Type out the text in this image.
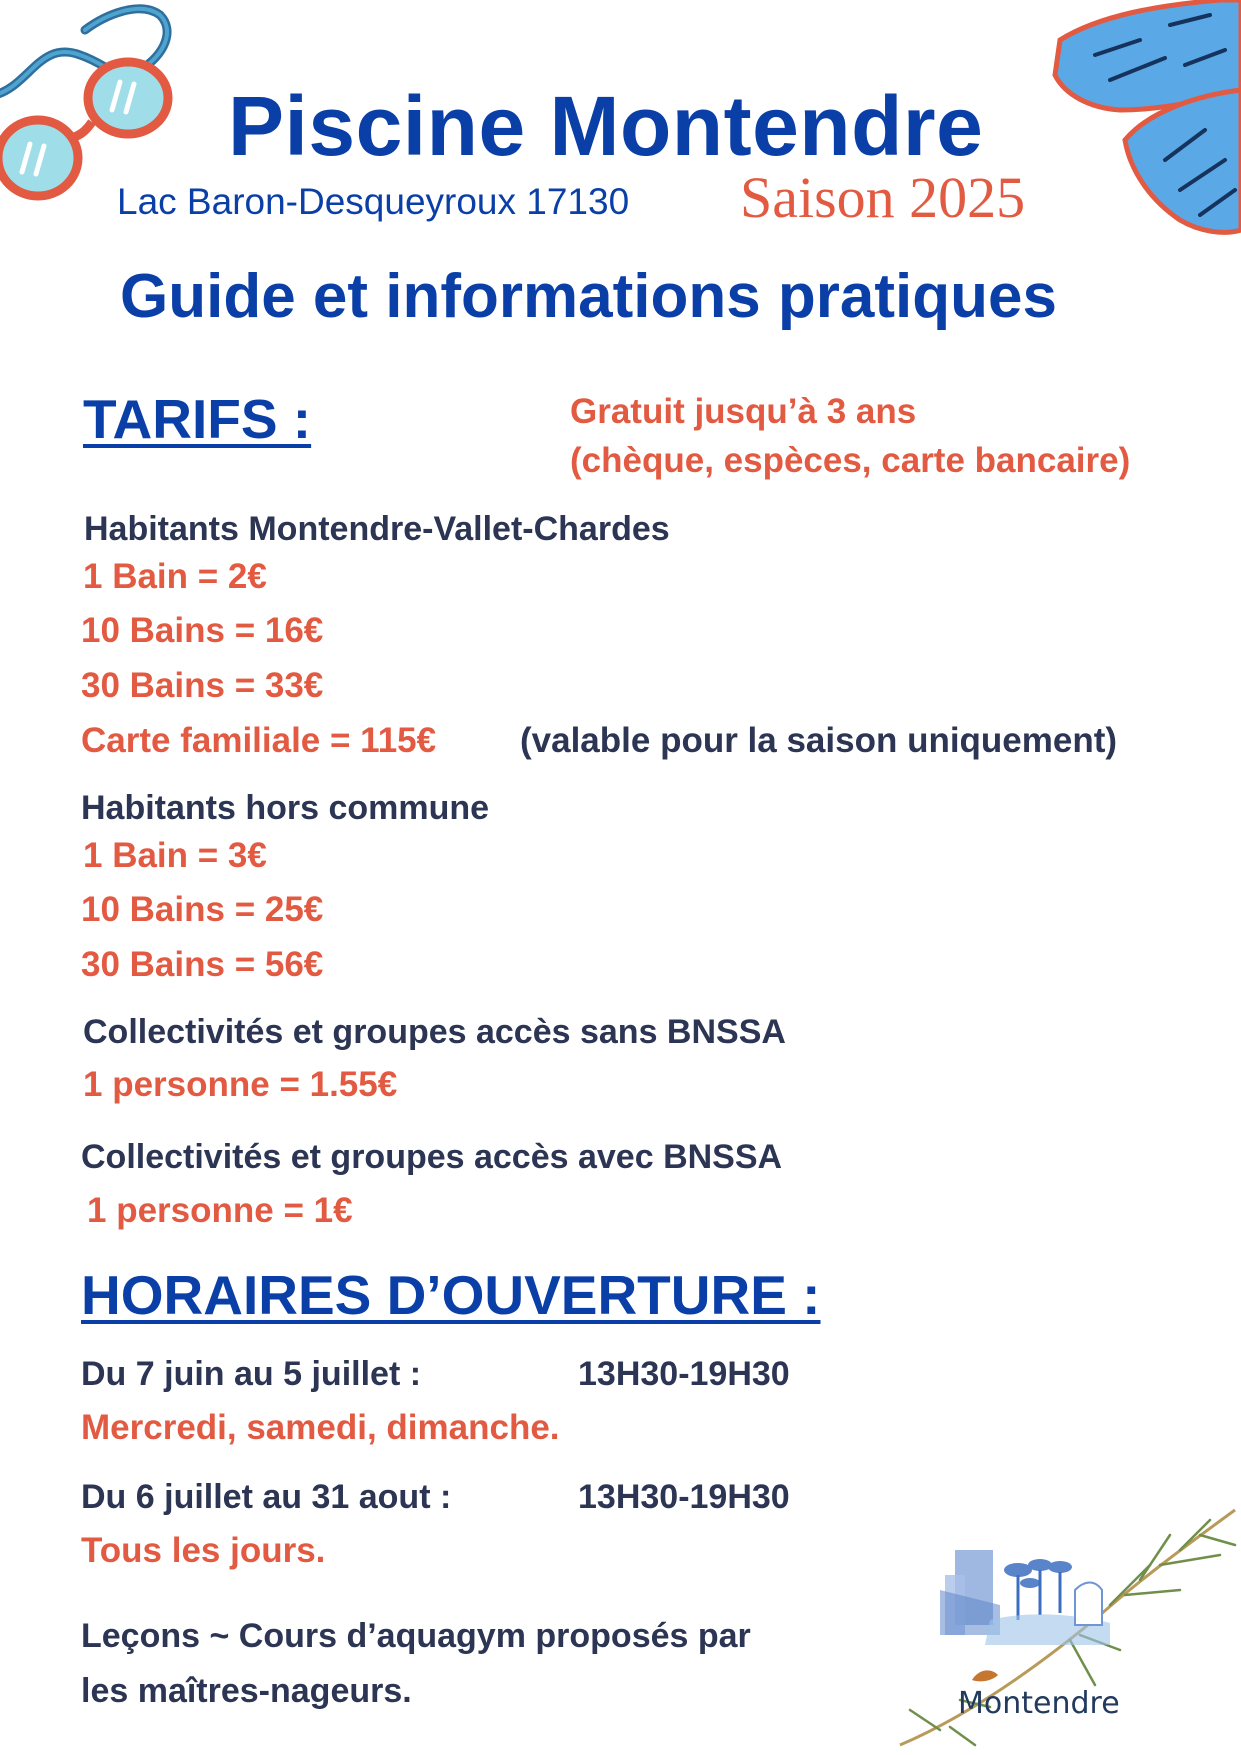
Piscine Montendre
Lac Baron-Desqueyroux 17130 Saison 2025
Guide et informations pratiques
TARIFS :	Gratuit jusqu’à 3 ans
(chèque, espèces, carte bancaire)
Habitants Montendre-Vallet-Chardes
1 Bain = 2€
10 Bains = 16€
30 Bains = 33€
Carte familiale = 115€ (valable pour la saison uniquement)
Habitants hors commune
1 Bain = 3€
10 Bains = 25€
30 Bains = 56€
Collectivités et groupes accès sans BNSSA
1 personne = 1.55€
Collectivités et groupes accès avec BNSSA
1 personne = 1€
HORAIRES D’OUVERTURE :
Du 7 juin au 5 juillet :	13H30-19H30
Mercredi, samedi, dimanche.
Du 6 juillet au 31 aout :	13H30-19H30
Tous les jours.
Leçons ~ Cours d’aquagym proposés par
les maîtres-nageurs.	Montendre
